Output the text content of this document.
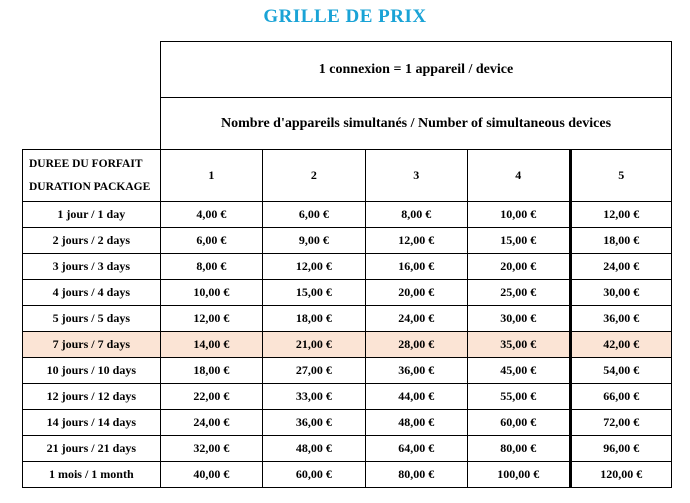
GRILLE DE PRIX
1 connexion = 1 appareil / device
Nombre d'appareils simultanés / Number of simultaneous devices
DUREE DU FORFAIT
DURATION PACKAGE	1	2	3	4	5
1 jour / 1 day	4,00 €	6,00 €	8,00 €	10,00 €	12,00 €
2 jours / 2 days	6,00 €	9,00 €	12,00 €	15,00 €	18,00 €
3 jours / 3 days	8,00 €	12,00 €	16,00 €	20,00 €	24,00 €
4 jours / 4 days	10,00 €	15,00 €	20,00 €	25,00 €	30,00 €
5 jours / 5 days	12,00 €	18,00 €	24,00 €	30,00 €	36,00 €
7 jours / 7 days	14,00 €	21,00 €	28,00 €	35,00 €	42,00 €
10 jours / 10 days	18,00 €	27,00 €	36,00 €	45,00 €	54,00 €
12 jours / 12 days	22,00 €	33,00 €	44,00 €	55,00 €	66,00 €
14 jours / 14 days	24,00 €	36,00 €	48,00 €	60,00 €	72,00 €
21 jours / 21 days	32,00 €	48,00 €	64,00 €	80,00 €	96,00 €
1 mois / 1 month	40,00 €	60,00 €	80,00 €	100,00 €	120,00 €
